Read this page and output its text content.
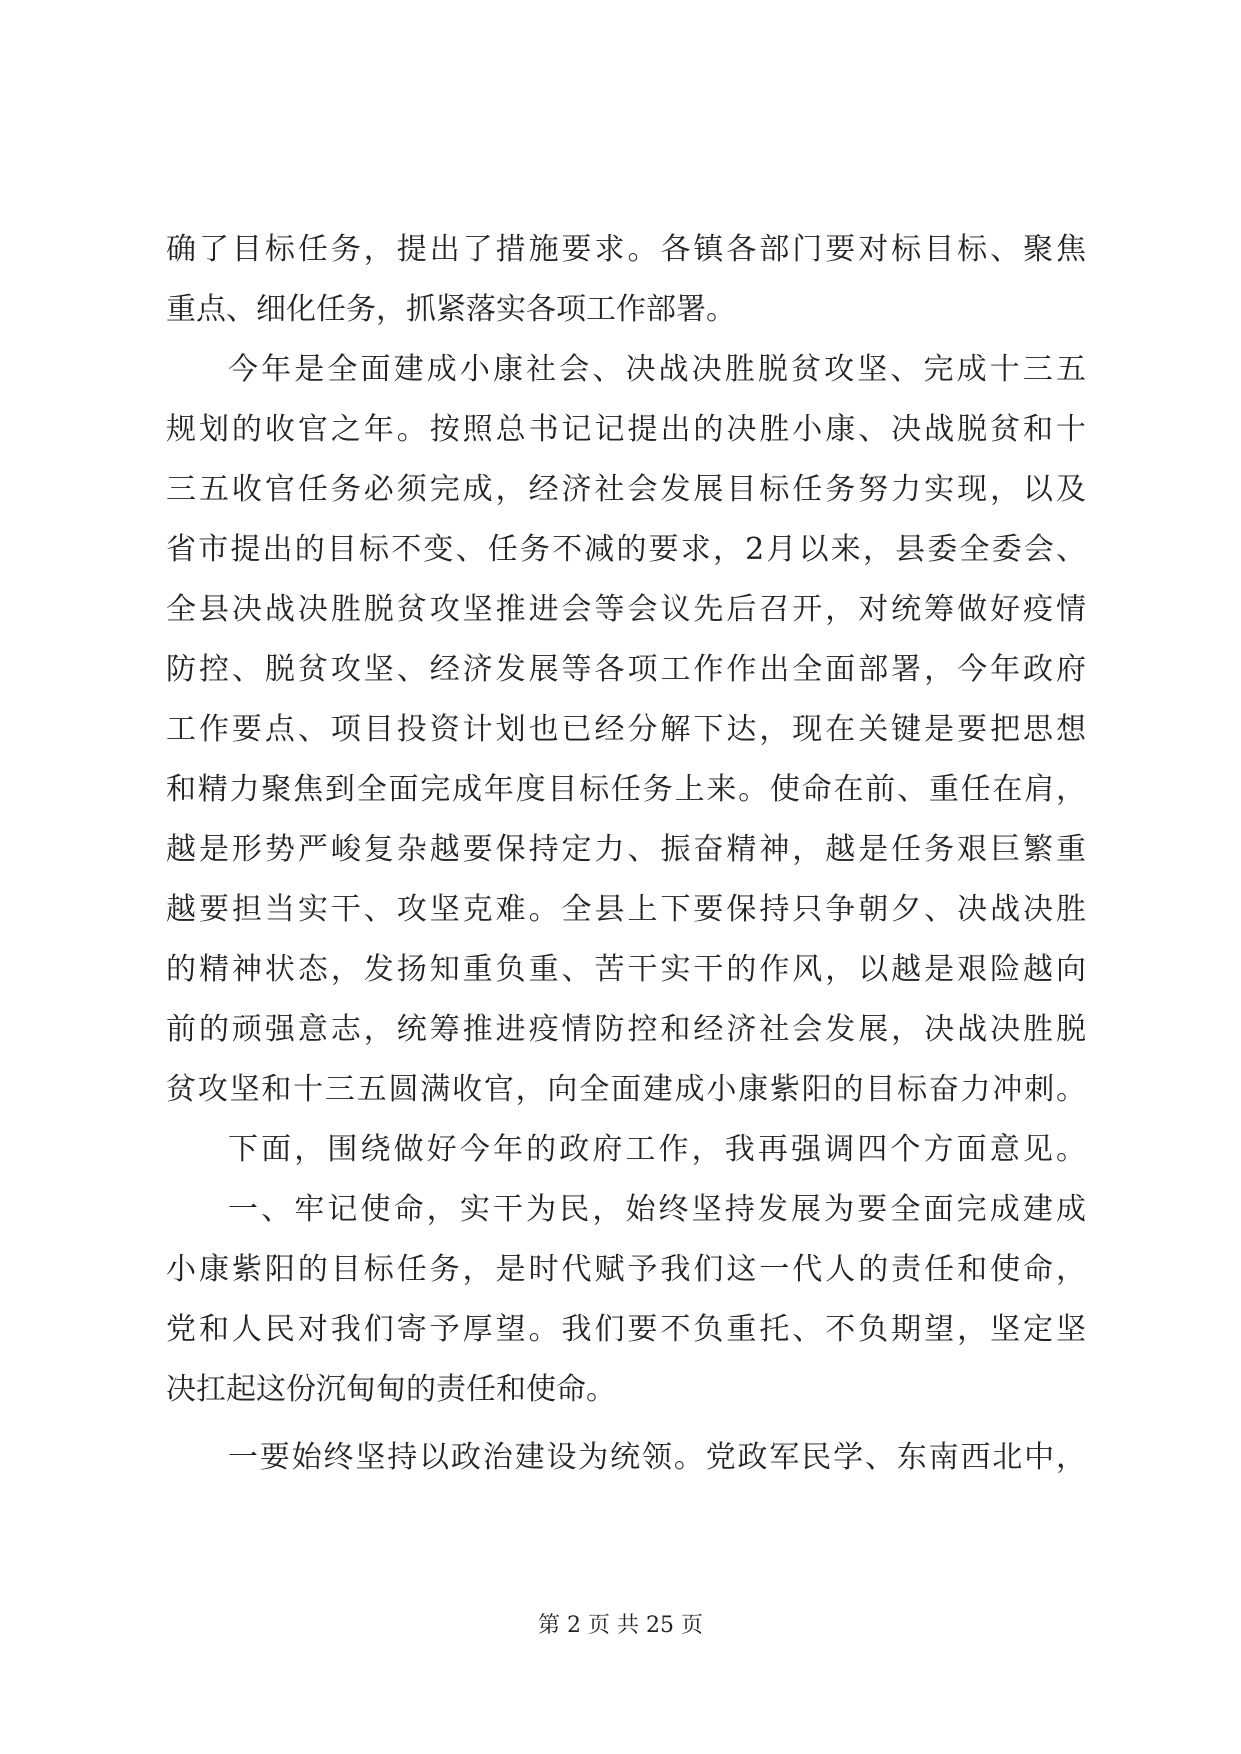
确了目标任务，提出了措施要求。各镇各部门要对标目标、聚焦
重点、细化任务，抓紧落实各项工作部署。
今年是全面建成小康社会、决战决胜脱贫攻坚、完成十三五
规划的收官之年。按照总书记记提出的决胜小康、决战脱贫和十
三五收官任务必须完成，经济社会发展目标任务努力实现，以及
省市提出的目标不变、任务不减的要求，2月以来，县委全委会、
全县决战决胜脱贫攻坚推进会等会议先后召开，对统筹做好疫情
防控、脱贫攻坚、经济发展等各项工作作出全面部署，今年政府
工作要点、项目投资计划也已经分解下达，现在关键是要把思想
和精力聚焦到全面完成年度目标任务上来。使命在前、重任在肩，
越是形势严峻复杂越要保持定力、振奋精神，越是任务艰巨繁重
越要担当实干、攻坚克难。全县上下要保持只争朝夕、决战决胜
的精神状态，发扬知重负重、苦干实干的作风，以越是艰险越向
前的顽强意志，统筹推进疫情防控和经济社会发展，决战决胜脱
贫攻坚和十三五圆满收官，向全面建成小康紫阳的目标奋力冲刺。
下面，围绕做好今年的政府工作，我再强调四个方面意见。
一、牢记使命，实干为民，始终坚持发展为要全面完成建成
小康紫阳的目标任务，是时代赋予我们这一代人的责任和使命，
党和人民对我们寄予厚望。我们要不负重托、不负期望，坚定坚
决扛起这份沉甸甸的责任和使命。
一要始终坚持以政治建设为统领。党政军民学、东南西北中，
第 2 页 共 25 页
